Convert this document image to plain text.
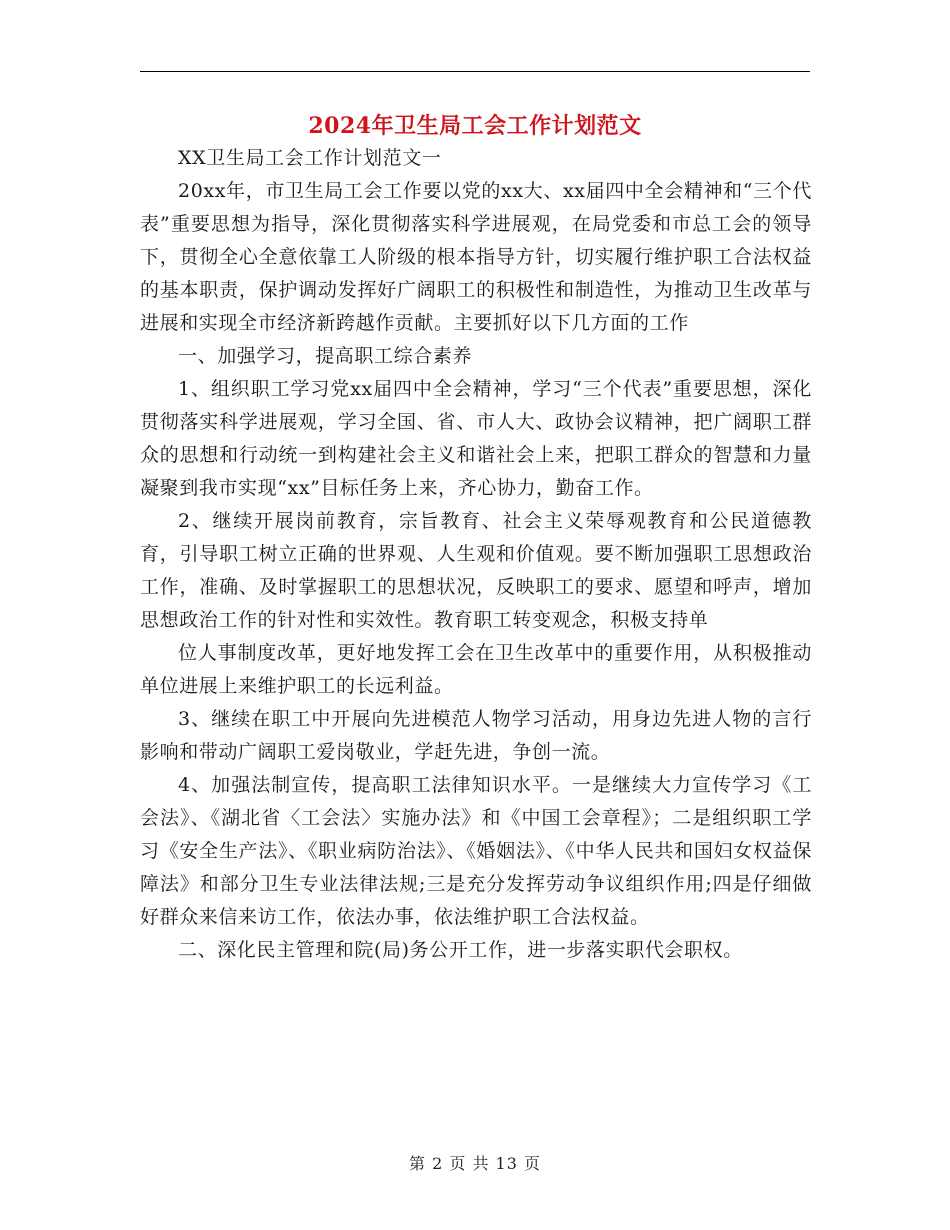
2024年卫生局工会工作计划范文

XX卫生局工会工作计划范文一

20xx年，市卫生局工会工作要以党的xx大、xx届四中全会精神和“三个代表”重要思想为指导，深化贯彻落实科学进展观，在局党委和市总工会的领导下，贯彻全心全意依靠工人阶级的根本指导方针，切实履行维护职工合法权益的基本职责，保护调动发挥好广阔职工的积极性和制造性，为推动卫生改革与进展和实现全市经济新跨越作贡献。主要抓好以下几方面的工作

一、加强学习，提高职工综合素养

1、组织职工学习党xx届四中全会精神，学习“三个代表”重要思想，深化贯彻落实科学进展观，学习全国、省、市人大、政协会议精神，把广阔职工群众的思想和行动统一到构建社会主义和谐社会上来，把职工群众的智慧和力量凝聚到我市实现“xx”目标任务上来，齐心协力，勤奋工作。

2、继续开展岗前教育，宗旨教育、社会主义荣辱观教育和公民道德教育，引导职工树立正确的世界观、人生观和价值观。要不断加强职工思想政治工作，准确、及时掌握职工的思想状况，反映职工的要求、愿望和呼声，增加思想政治工作的针对性和实效性。教育职工转变观念，积极支持单

位人事制度改革，更好地发挥工会在卫生改革中的重要作用，从积极推动单位进展上来维护职工的长远利益。

3、继续在职工中开展向先进模范人物学习活动，用身边先进人物的言行影响和带动广阔职工爱岗敬业，学赶先进，争创一流。

4、加强法制宣传，提高职工法律知识水平。一是继续大力宣传学习《工会法》、《湖北省〈工会法〉实施办法》和《中国工会章程》；二是组织职工学习《安全生产法》、《职业病防治法》、《婚姻法》、《中华人民共和国妇女权益保障法》和部分卫生专业法律法规;三是充分发挥劳动争议组织作用;四是仔细做好群众来信来访工作，依法办事，依法维护职工合法权益。

二、深化民主管理和院(局)务公开工作，进一步落实职代会职权。

第 2 页 共 13 页
